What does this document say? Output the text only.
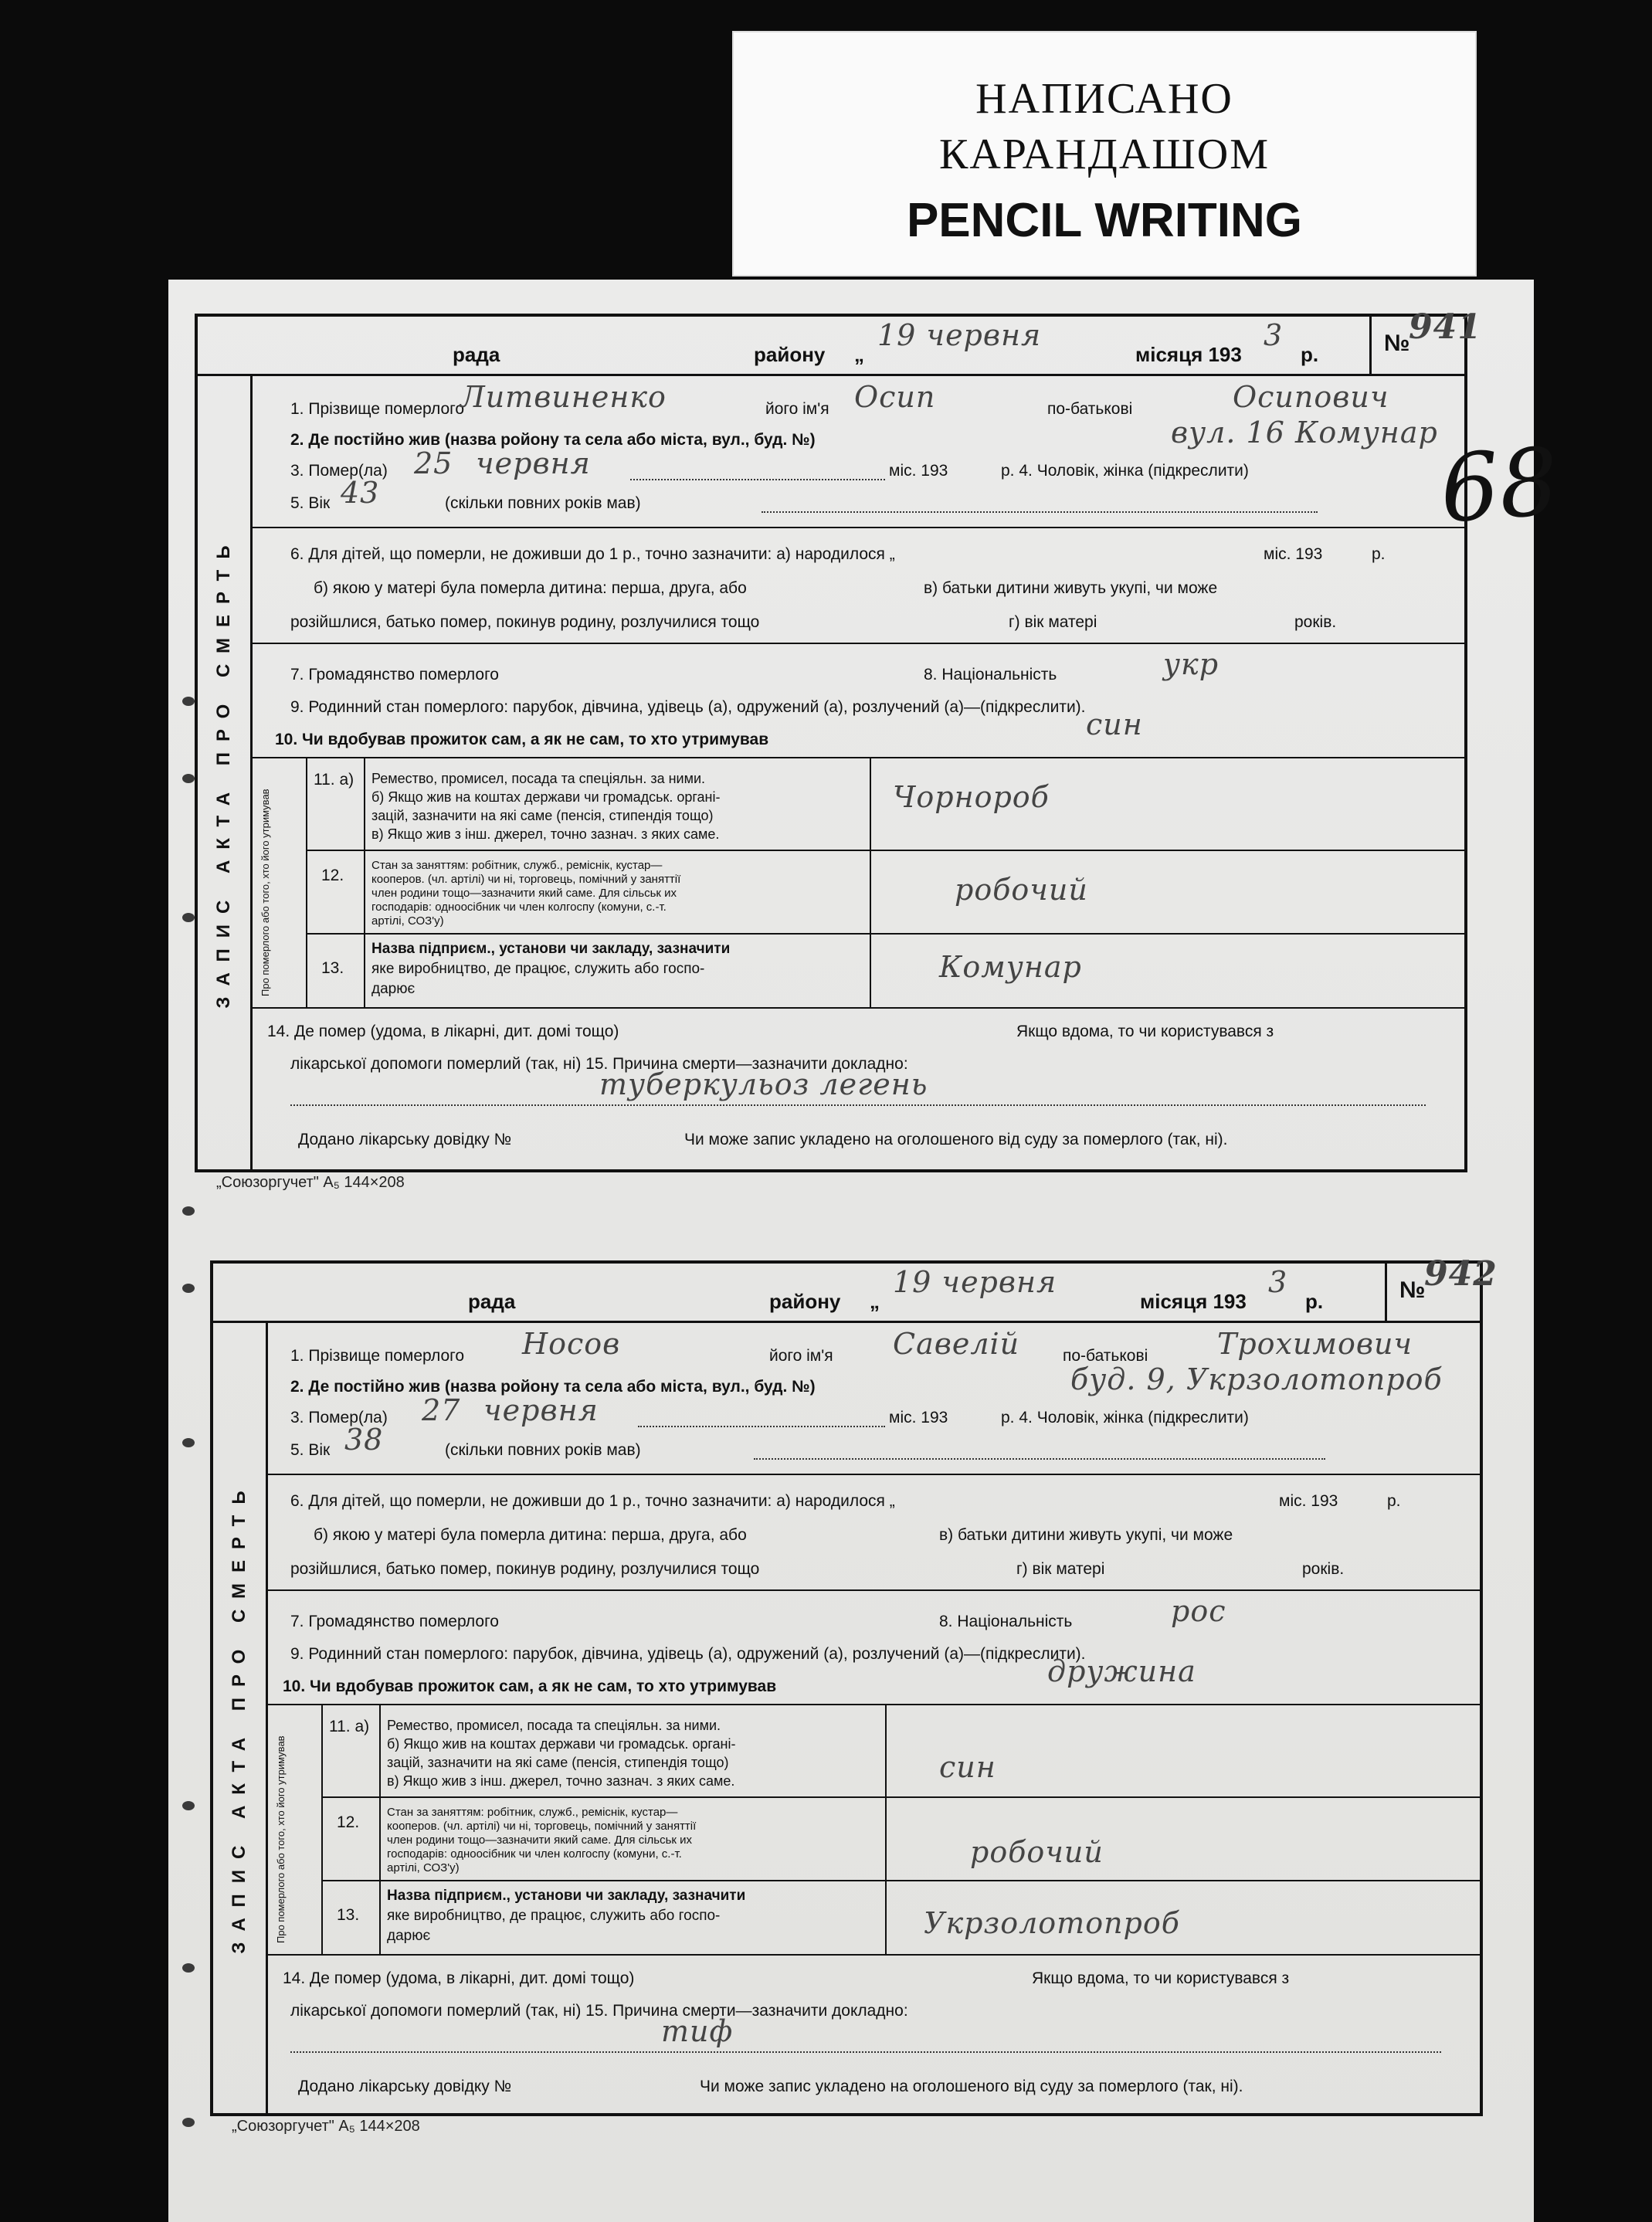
НАПИСАНО
КАРАНДАШОМ
PENCIL WRITING
68
рада	району „
19 червня
місяця 193
3
р.	№
941
ЗАПИС АКТА ПРО СМЕРТЬ
1. Прізвище померлого
Литвиненко	його ім'я Осип	по-батькові	Осипович
2. Де постійно жив (назва ройону та села або міста, вул., буд. №)	вул. 16 Комунар
3. Помер(ла) 25 червня	міс. 193	р. 4. Чоловік, жінка (підкреслити)
5. Вік 43	(скільки повних років мав)
6. Для дітей, що померли, не доживши до 1 р., точно зазначити: а) народилося „	міс. 193	р.
б) якою у матері була померла дитина: перша, друга, або	в) батьки дитини живуть укупі, чи може
розійшлися, батько помер, покинув родину, розлучилися тощо	г) вік матері	років.
7. Громадянство померлого	8. Національність	укр
9. Родинний стан померлого: парубок, дівчина, удівець (а), одружений (а), розлучений (а)—(підкреслити).
10. Чи вдобував прожиток сам, а як не сам, то хто утримував	син
Про померлого або того, хто його утримував
11. а) Ремество, промисел, посада та спеціяльн. за ними.
б) Якщо жив на коштах держави чи громадськ. органі-
зацій, зазначити на які саме (пенсія, стипендія тощо)
в) Якщо жив з інш. джерел, точно зазнач. з яких саме.
Чорнороб
12.
Стан за заняттям: робітник, служб., реміснік, кустар—
кооперов. (чл. артілі) чи ні, торговець, помічний у заняттії
член родини тощо—зазначити який саме. Для сільськ их
господарів: одноосібник чи член колгоспу (комуни, с.-т.
артілі, СОЗ'у)
робочий
13.
Назва підприєм., установи чи закладу, зазначити
яке виробництво, де працює, служить або госпо-
дарює
Комунар
14. Де помер (удома, в лікарні, дит. домі тощо)	Якщо вдома, то чи користувався з
лікарської допомоги померлий (так, ні) 15. Причина смерти—зазначити докладно:
туберкульоз легень
Додано лікарську довідку №	Чи може запис укладено на оголошеного від суду за померлого (так, ні).
„Союзоргучет" А₅ 144×208
рада	району „
19 червня
місяця 193
3
р.	№
942
ЗАПИС АКТА ПРО СМЕРТЬ
1. Прізвище померлого Носов	його ім'я Савелій	по-батькові Трохимович
2. Де постійно жив (назва ройону та села або міста, вул., буд. №)	буд. 9, Укрзолотопроб
3. Помер(ла) 27 червня	міс. 193	р. 4. Чоловік, жінка (підкреслити)
5. Вік 38	(скільки повних років мав)
6. Для дітей, що померли, не доживши до 1 р., точно зазначити: а) народилося „	міс. 193	р.
б) якою у матері була померла дитина: перша, друга, або	в) батьки дитини живуть укупі, чи може
розійшлися, батько помер, покинув родину, розлучилися тощо	г) вік матері	років.
7. Громадянство померлого	8. Національність	рос
9. Родинний стан померлого: парубок, дівчина, удівець (а), одружений (а), розлучений (а)—(підкреслити).
10. Чи вдобував прожиток сам, а як не сам, то хто утримував	дружина
Про померлого або того, хто його утримував
11. а) Ремество, промисел, посада та спеціяльн. за ними.
б) Якщо жив на коштах держави чи громадськ. органі-
зацій, зазначити на які саме (пенсія, стипендія тощо)
в) Якщо жив з інш. джерел, точно зазнач. з яких саме.	син
12.
Стан за заняттям: робітник, служб., реміснік, кустар—
кооперов. (чл. артілі) чи ні, торговець, помічний у заняттії
член родини тощо—зазначити який саме. Для сільськ их
господарів: одноосібник чи член колгоспу (комуни, с.-т.
артілі, СОЗ'у)	робочий
13.
Назва підприєм., установи чи закладу, зазначити
яке виробництво, де працює, служить або госпо-
дарює	Укрзолотопроб
14. Де помер (удома, в лікарні, дит. домі тощо)	Якщо вдома, то чи користувався з
лікарської допомоги померлий (так, ні) 15. Причина смерти—зазначити докладно:
тиф
Додано лікарську довідку №	Чи може запис укладено на оголошеного від суду за померлого (так, ні).
„Союзоргучет" А₅ 144×208
